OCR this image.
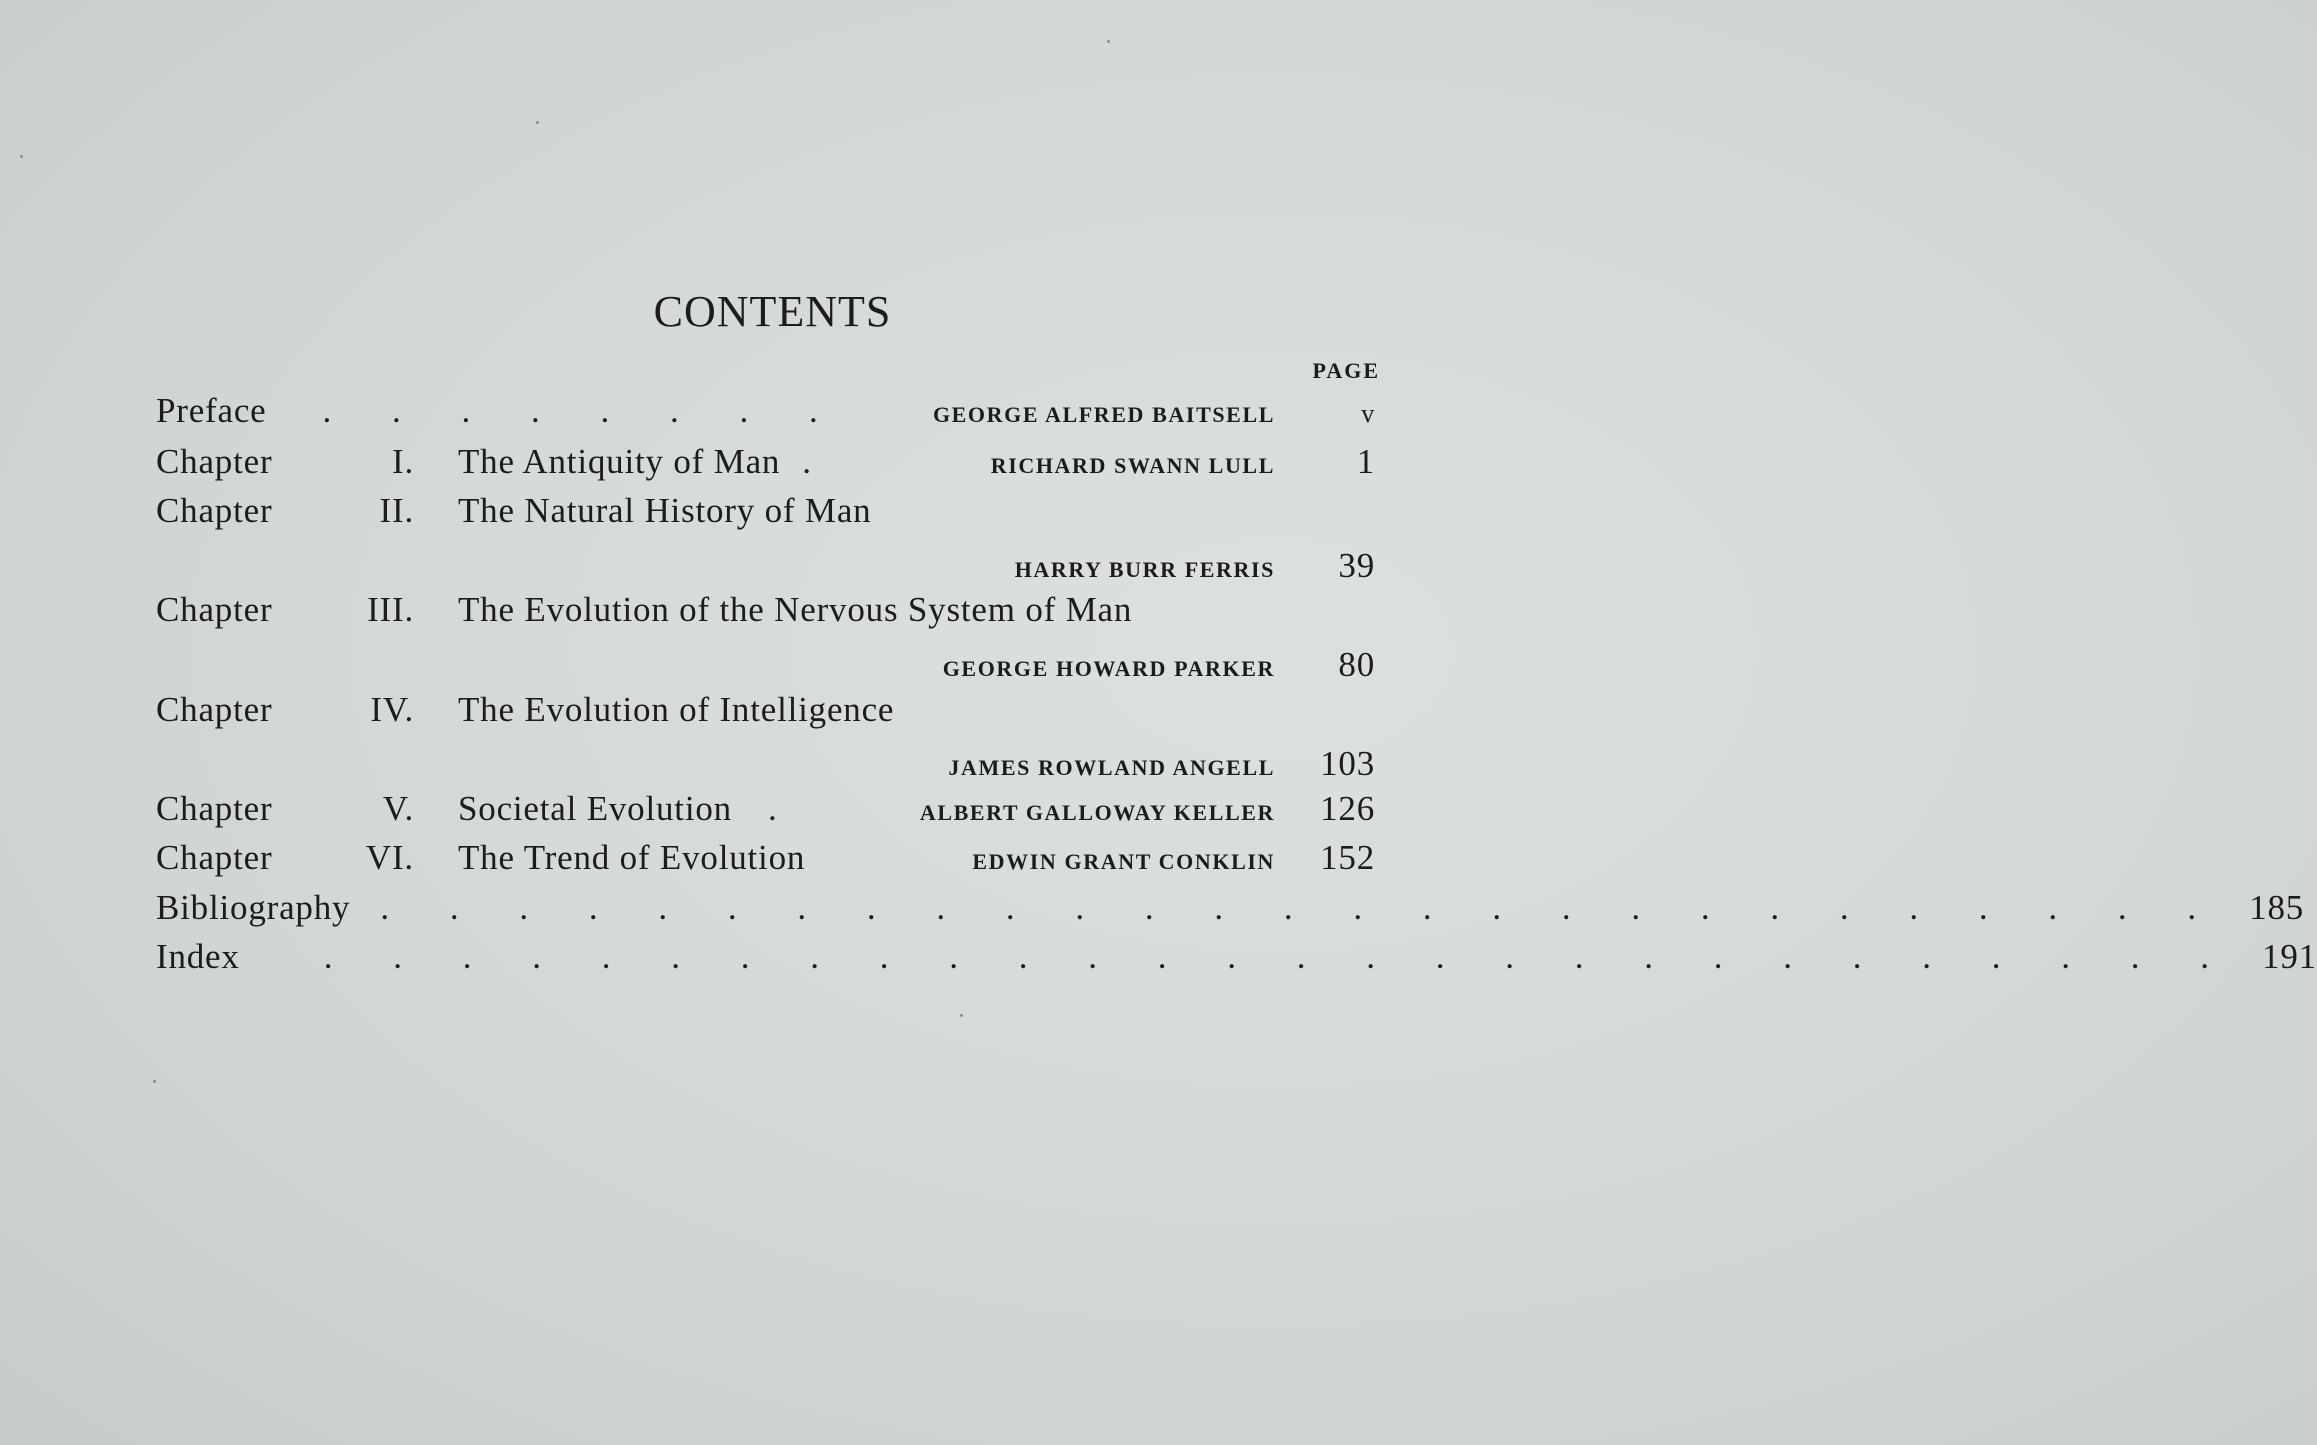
CONTENTS
PAGE
Preface	. . . . . . . .	GEORGE ALFRED BAITSELL	v
Chapter	I.	The Antiquity of Man .	RICHARD SWANN LULL	1
Chapter	II.	The Natural History of Man
HARRY BURR FERRIS	39
Chapter	III.	The Evolution of the Nervous System of Man
GEORGE HOWARD PARKER	80
Chapter	IV.	The Evolution of Intelligence
JAMES ROWLAND ANGELL	103
Chapter	V.	Societal Evolution	.	ALBERT GALLOWAY KELLER	126
Chapter	VI.	The Trend of Evolution	EDWIN GRANT CONKLIN	152
Bibliography . . . . . . . . . . . . . . . . . . . . . . . . . . . 185
Index	. . . . . . . . . . . . . . . . . . . . . . . . . . . . 191
